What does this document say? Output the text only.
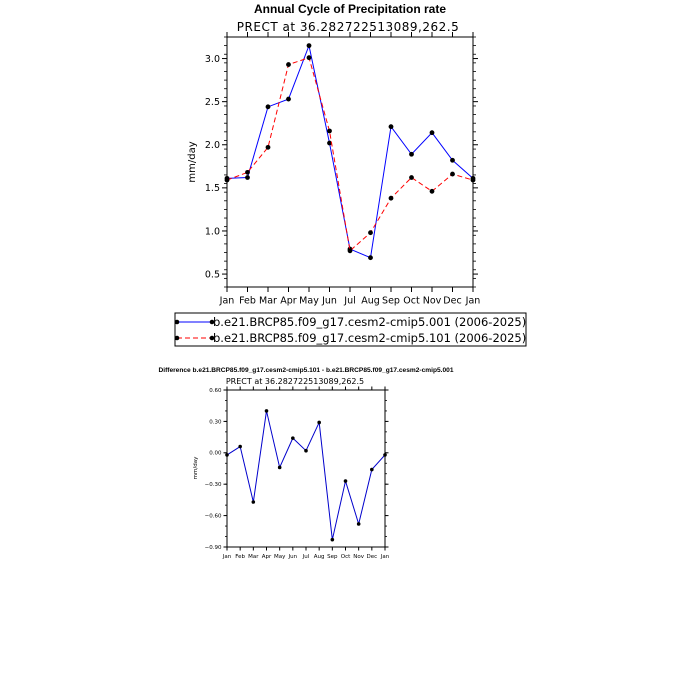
Annual Cycle of Precipitation rate
PRECT at 36.282722513089,262.5
mm/day
0.5
1.0
1.5
2.0
2.5
3.0
Jan Feb Mar Apr May Jun Jul Aug Sep Oct Nov Dec Jan
b.e21.BRCP85.f09_g17.cesm2-cmip5.001 (2006-2025)
b.e21.BRCP85.f09_g17.cesm2-cmip5.101 (2006-2025)
Difference b.e21.BRCP85.f09_g17.cesm2-cmip5.101 - b.e21.BRCP85.f09_g17.cesm2-cmip5.001
PRECT at 36.282722513089,262.5
mm/day
0.60
0.30
0.00
−0.30
−0.60
−0.90
Jan Feb Mar Apr May Jun Jul Aug Sep Oct Nov Dec Jan
